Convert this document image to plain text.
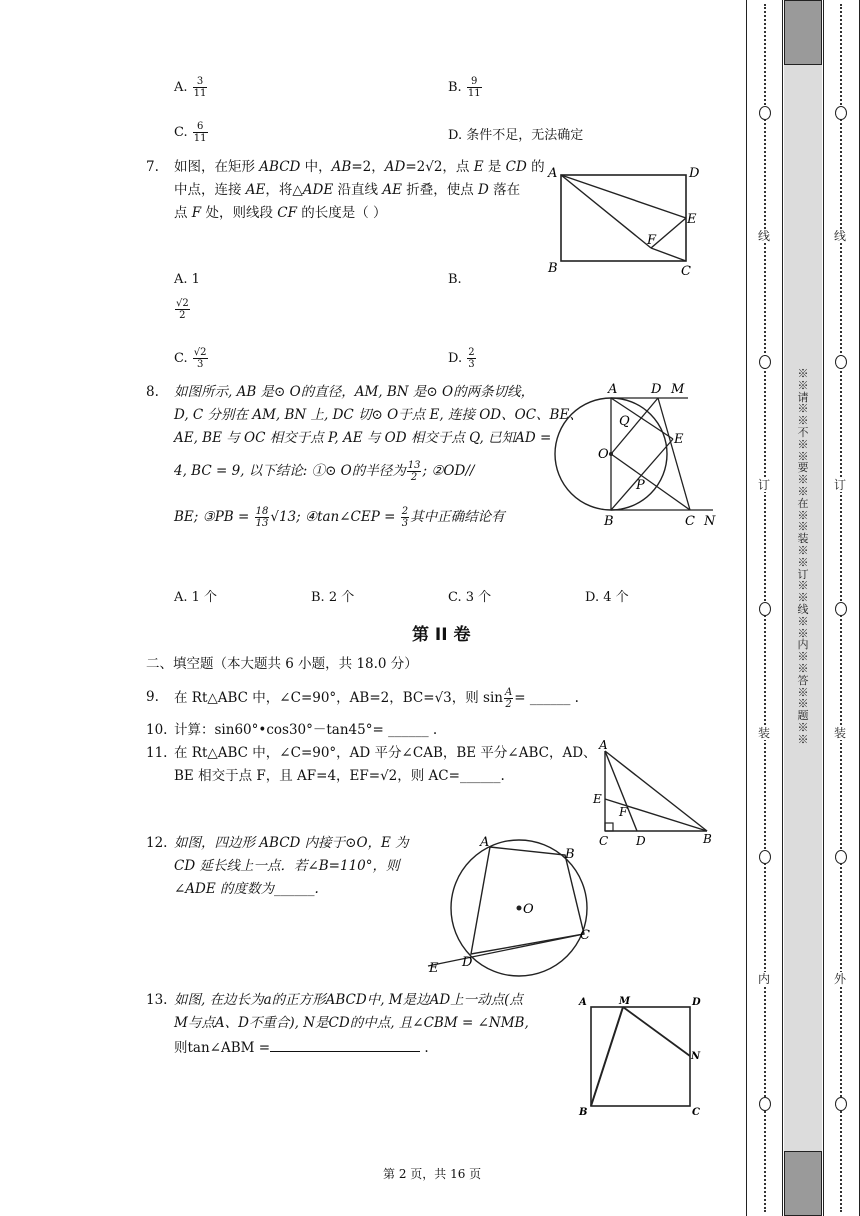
A. $\frac{3}{11}$	B. $\frac{9}{11}$
C. $\frac{6}{11}$	D. 条件不足，无法确定
7. 如图，在矩形 ABCD 中，AB=2，AD=2√2，点 E 是 CD 的
中点，连接 AE，将△ADE 沿直线 AE 折叠，使点 D 落在
点 F 处，则线段 CF 的长度是（ ）
A	D
E
F
B	C
A. 1	B.
$\frac{√2}{2}$
C. $\frac{√2}{3}$	D. $\frac{2}{3}$
8. 如图所示, AB 是⊙ O的直径，AM, BN 是⊙ O的两条切线，
D, C 分别在 AM, BN 上, DC 切⊙ O于点 E, 连接 OD、OC、BE、
AE, BE 与 OC 相交于点 P, AE 与 OD 相交于点 Q, 已知AD =
4, BC = 9, 以下结论: ①⊙ O的半径为 $\frac{13}{2}$ ; ②OD//
BE; ③PB = $\frac{18}{13} √13$; ④tan∠CEP = $\frac{2}{3}$ 其中正确结论有
A	D M
Q
O
E
P
B	C N
A. 1 个	B. 2 个	C. 3 个	D. 4 个
第 II 卷
二、填空题（本大题共 6 小题，共 18.0 分）
9. 在 Rt△ABC 中，∠C=90°，AB=2，BC=√3，则 $\sin \frac{A}{2}$ = ______ .
10. 计算：sin60°•cos30°－tan45°= ______ .
11. 在 Rt△ABC 中，∠C=90°，AD 平分∠CAB，BE 平分∠ABC，AD、
BE 相交于点 F，且 AF=4，EF=√2，则 AC=______.
A
E
F
C D	B
12. 如图，四边形 ABCD 内接于⊙O，E 为
CD 延长线上一点．若∠B=110°，则
∠ADE 的度数为______.
A
B
C
D
E
O
13. 如图, 在边长为a的正方形ABCD中, M是边AD上一动点(点
M与点A、D不重合), N是CD的中点, 且∠CBM = ∠NMB,
则tan∠ABM =	.
A	M	D
N
B	C
第 2 页，共 16 页
线
订
装
内
线
订
装
外
※※请※※不※※要※※在※※装※※订※※线※※内※※答※※题※※
